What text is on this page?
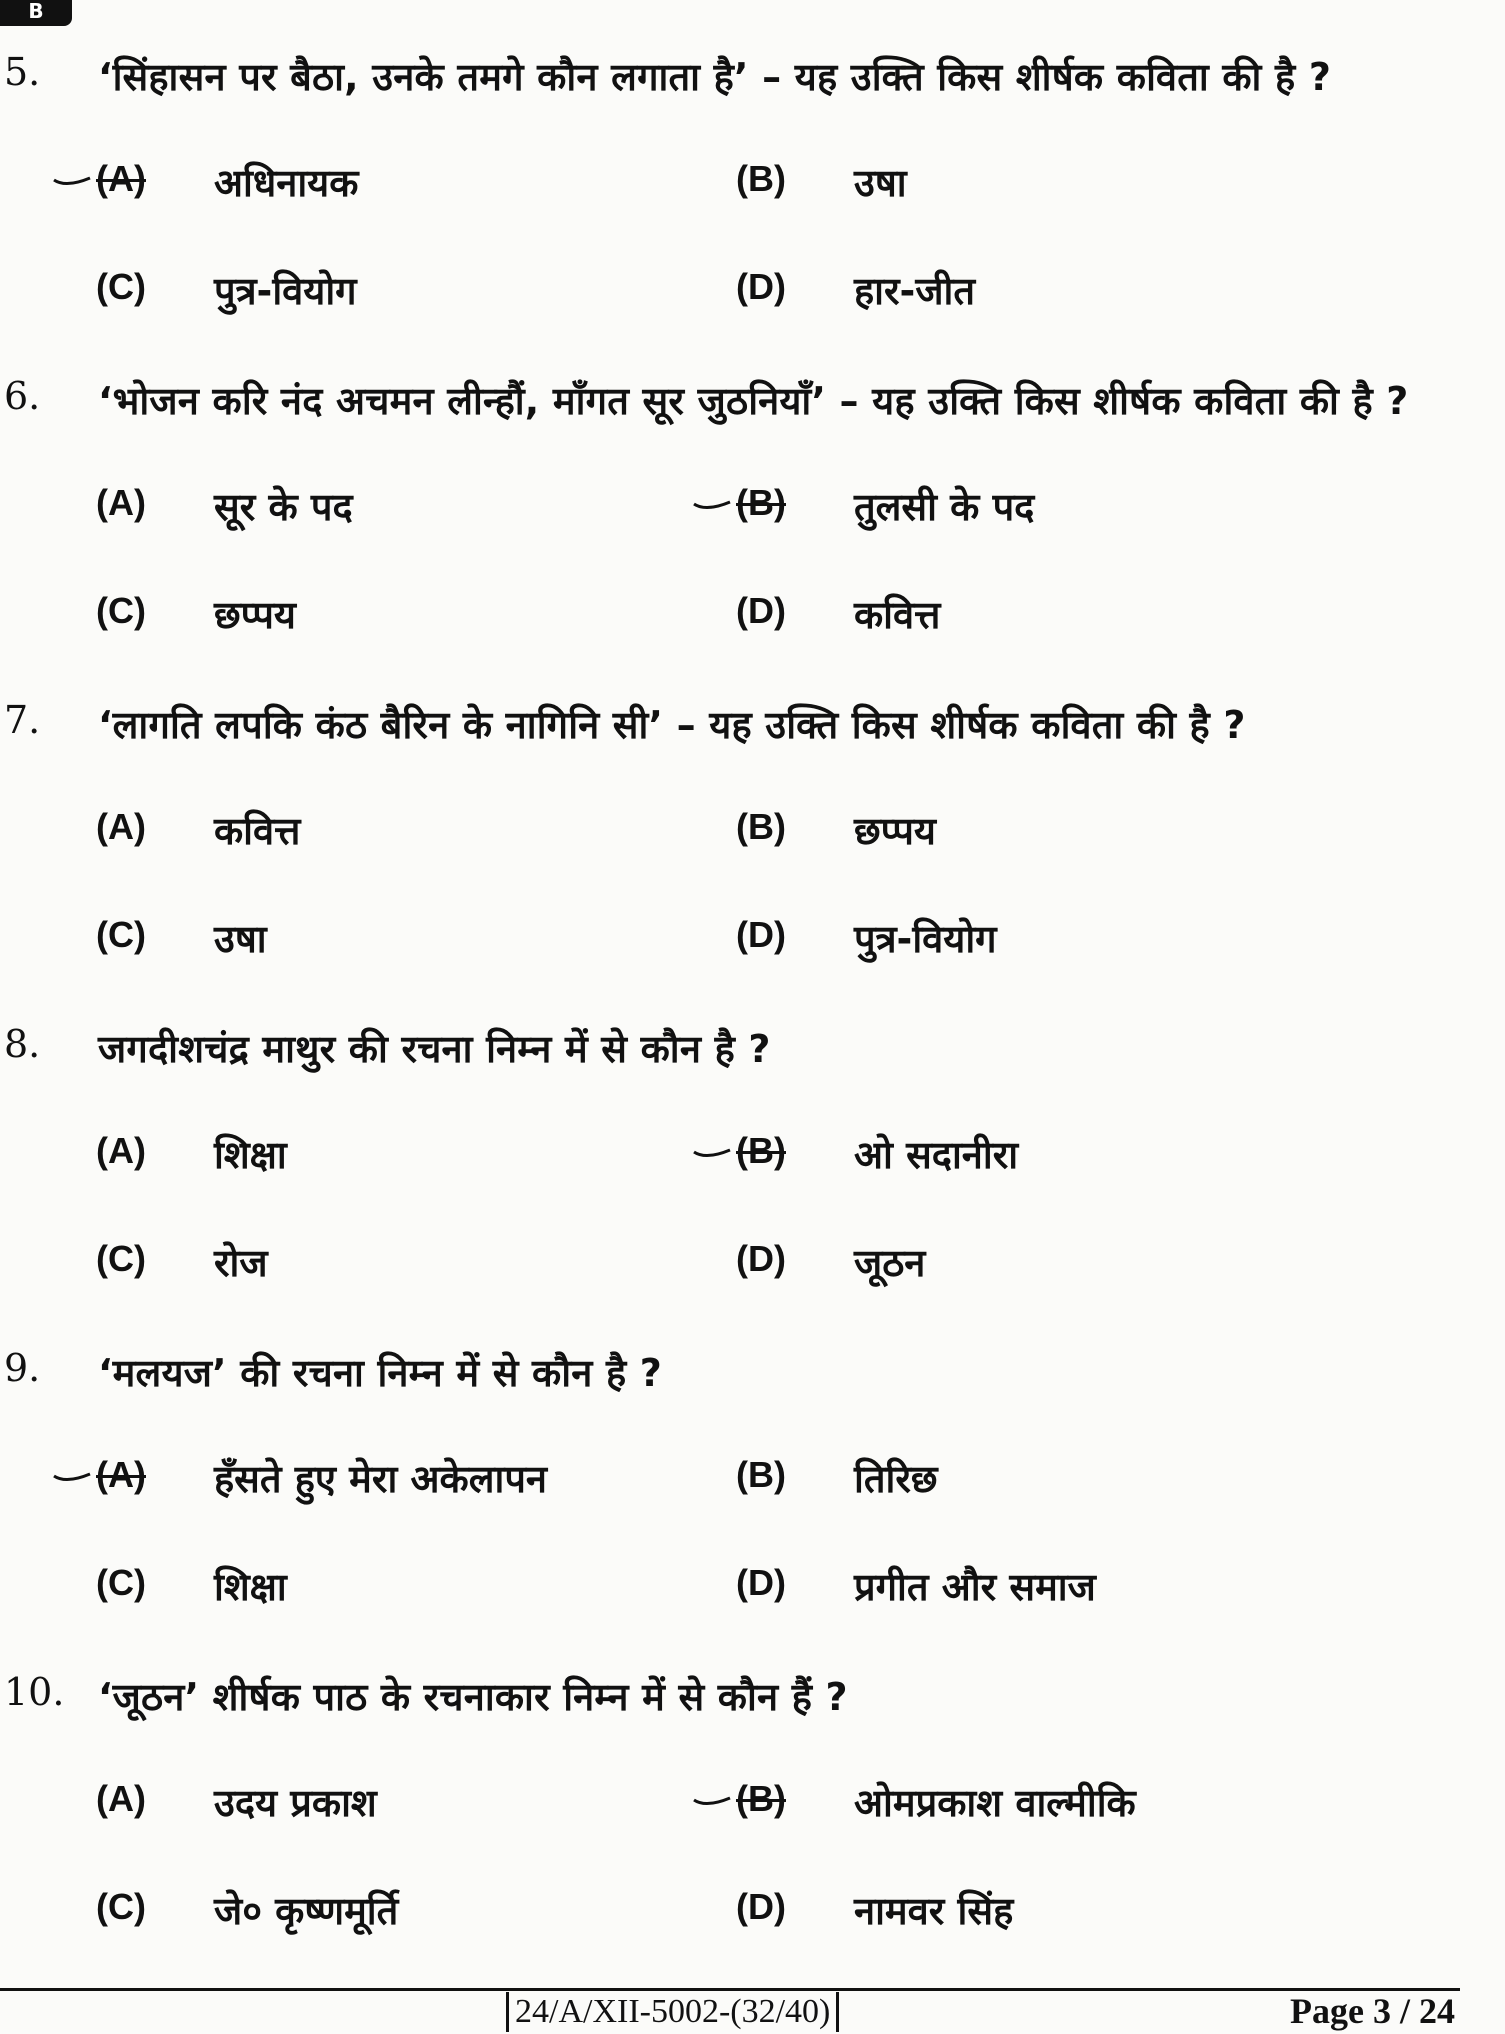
B
5. ‘सिंहासन पर बैठा, उनके तमगे कौन लगाता है’ – यह उक्ति किस शीर्षक कविता की है ?
(A) अधिनायक	(B) उषा
(C) पुत्र-वियोग	(D) हार-जीत
6. ‘भोजन करि नंद अचमन लीन्हौं, माँगत सूर जुठनियाँ’ – यह उक्ति किस शीर्षक कविता की है ?
(A) सूर के पद	(B) तुलसी के पद
(C) छप्पय	(D) कवित्त
7. ‘लागति लपकि कंठ बैरिन के नागिनि सी’ – यह उक्ति किस शीर्षक कविता की है ?
(A) कवित्त	(B) छप्पय
(C) उषा	(D) पुत्र-वियोग
8. जगदीशचंद्र माथुर की रचना निम्न में से कौन है ?
(A) शिक्षा	(B) ओ सदानीरा
(C) रोज	(D) जूठन
9. ‘मलयज’ की रचना निम्न में से कौन है ?
(A) हँसते हुए मेरा अकेलापन	(B) तिरिछ
(C) शिक्षा	(D) प्रगीत और समाज
10. ‘जूठन’ शीर्षक पाठ के रचनाकार निम्न में से कौन हैं ?
(A) उदय प्रकाश	(B) ओमप्रकाश वाल्मीकि
(C) जे० कृष्णमूर्ति	(D) नामवर सिंह
24/A/XII-5002-(32/40)	Page 3 / 24
